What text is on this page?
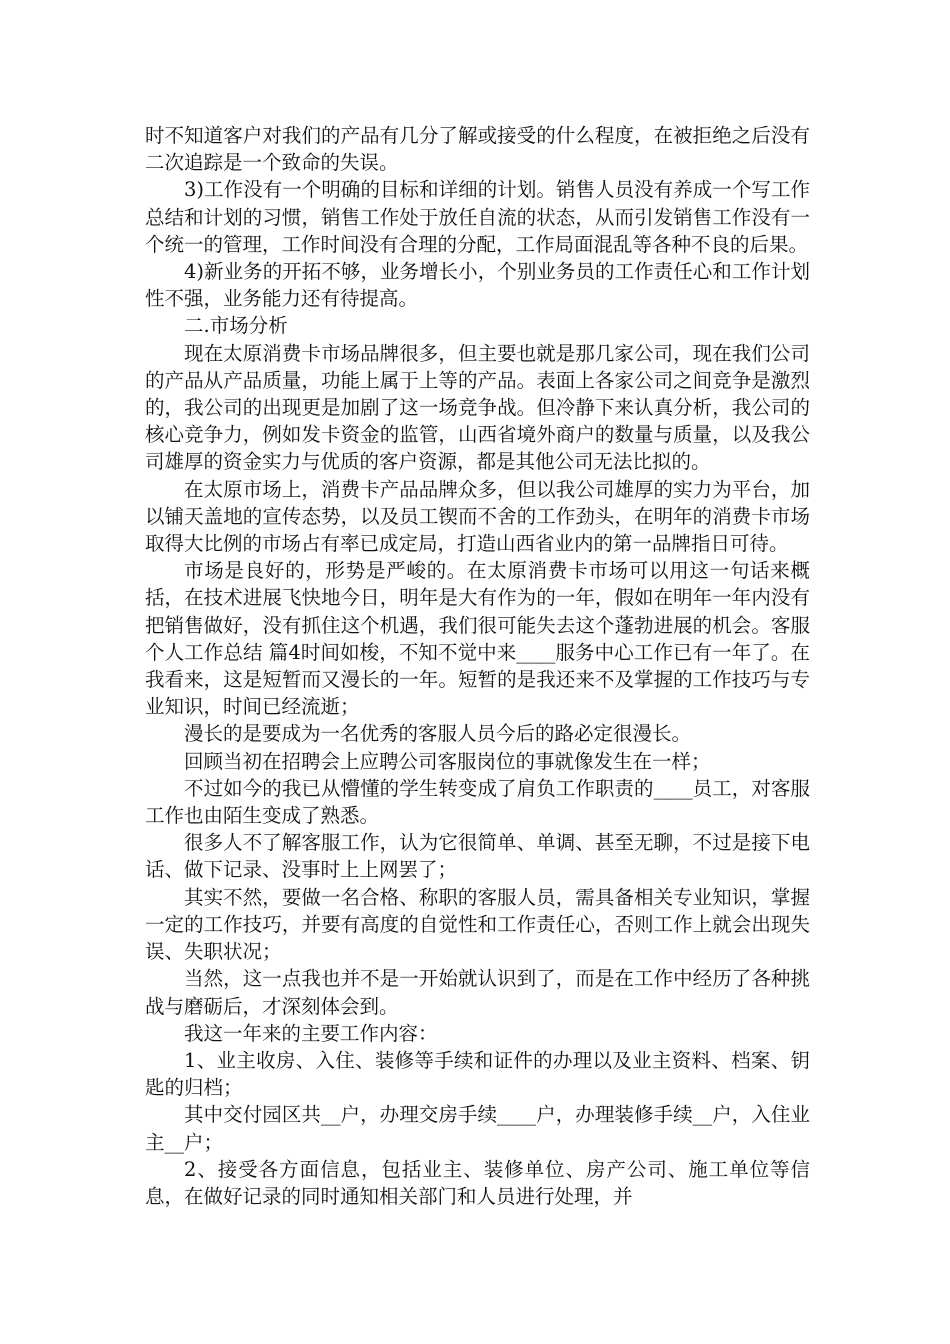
时不知道客户对我们的产品有几分了解或接受的什么程度，在被拒绝之后没有二次追踪是一个致命的失误。

3)工作没有一个明确的目标和详细的计划。销售人员没有养成一个写工作总结和计划的习惯，销售工作处于放任自流的状态，从而引发销售工作没有一个统一的管理，工作时间没有合理的分配，工作局面混乱等各种不良的后果。

4)新业务的开拓不够，业务增长小，个别业务员的工作责任心和工作计划性不强，业务能力还有待提高。

二.市场分析

现在太原消费卡市场品牌很多，但主要也就是那几家公司，现在我们公司的产品从产品质量，功能上属于上等的产品。表面上各家公司之间竞争是激烈的，我公司的出现更是加剧了这一场竞争战。但冷静下来认真分析，我公司的核心竞争力，例如发卡资金的监管，山西省境外商户的数量与质量，以及我公司雄厚的资金实力与优质的客户资源，都是其他公司无法比拟的。

在太原市场上，消费卡产品品牌众多，但以我公司雄厚的实力为平台，加以铺天盖地的宣传态势，以及员工锲而不舍的工作劲头，在明年的消费卡市场取得大比例的市场占有率已成定局，打造山西省业内的第一品牌指日可待。

市场是良好的，形势是严峻的。在太原消费卡市场可以用这一句话来概括，在技术进展飞快地今日，明年是大有作为的一年，假如在明年一年内没有把销售做好，没有抓住这个机遇，我们很可能失去这个蓬勃进展的机会。客服个人工作总结 篇4时间如梭，不知不觉中来____服务中心工作已有一年了。在我看来，这是短暂而又漫长的一年。短暂的是我还来不及掌握的工作技巧与专业知识，时间已经流逝；

漫长的是要成为一名优秀的客服人员今后的路必定很漫长。

回顾当初在招聘会上应聘公司客服岗位的事就像发生在一样；

不过如今的我已从懵懂的学生转变成了肩负工作职责的____员工，对客服工作也由陌生变成了熟悉。

很多人不了解客服工作，认为它很简单、单调、甚至无聊，不过是接下电话、做下记录、没事时上上网罢了；

其实不然，要做一名合格、称职的客服人员，需具备相关专业知识，掌握一定的工作技巧，并要有高度的自觉性和工作责任心，否则工作上就会出现失误、失职状况；

当然，这一点我也并不是一开始就认识到了，而是在工作中经历了各种挑战与磨砺后，才深刻体会到。

我这一年来的主要工作内容：

1、业主收房、入住、装修等手续和证件的办理以及业主资料、档案、钥匙的归档；

其中交付园区共__户，办理交房手续____户，办理装修手续__户，入住业主__户；

2、接受各方面信息，包括业主、装修单位、房产公司、施工单位等信息，在做好记录的同时通知相关部门和人员进行处理，并
